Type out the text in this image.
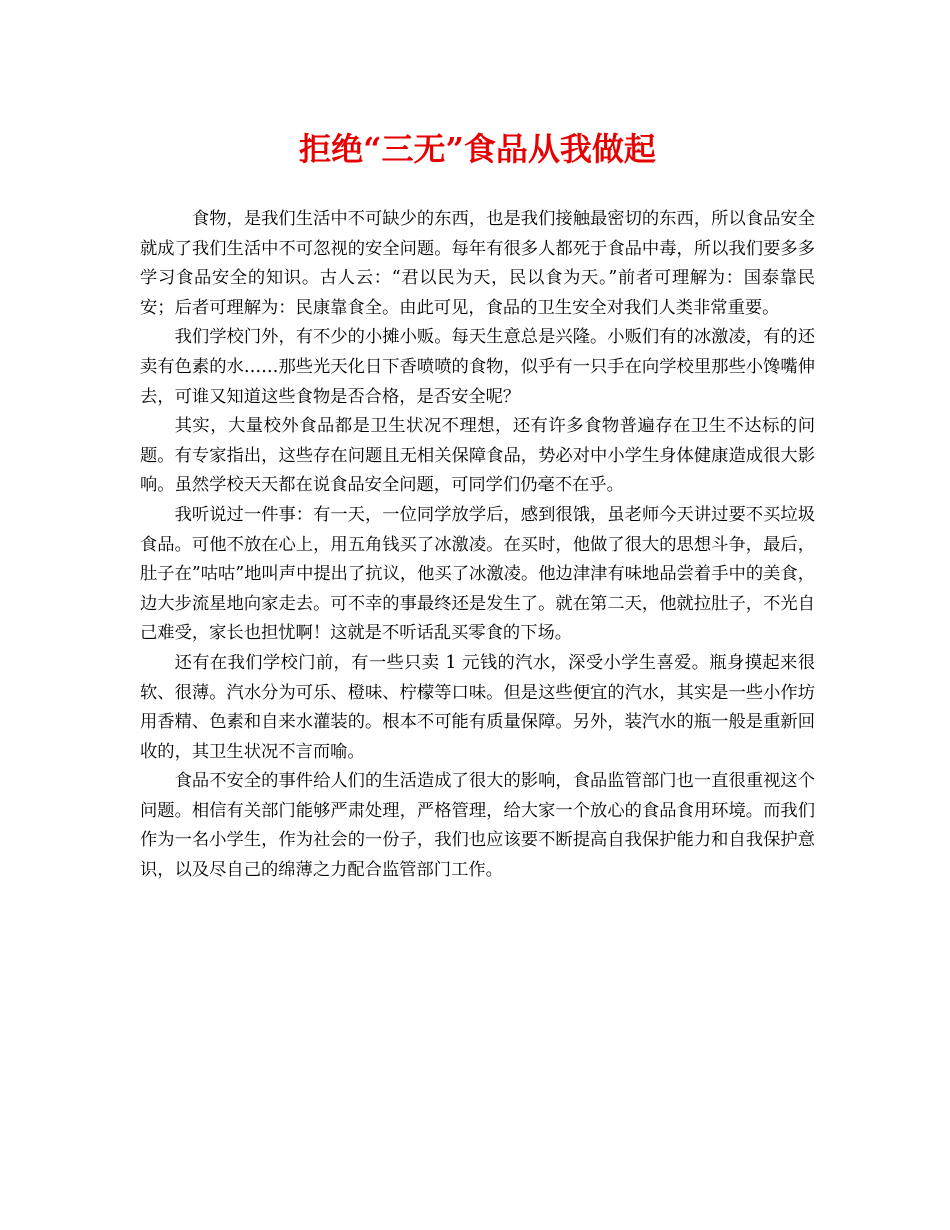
拒绝“三无”食品从我做起

食物，是我们生活中不可缺少的东西，也是我们接触最密切的东西，所以食品安全就成了我们生活中不可忽视的安全问题。每年有很多人都死于食品中毒，所以我们要多多学习食品安全的知识。古人云：“君以民为天，民以食为天。”前者可理解为：国泰靠民安；后者可理解为：民康靠食全。由此可见，食品的卫生安全对我们人类非常重要。

我们学校门外，有不少的小摊小贩。每天生意总是兴隆。小贩们有的冰激凌，有的还卖有色素的水……那些光天化日下香喷喷的食物，似乎有一只手在向学校里那些小馋嘴伸去，可谁又知道这些食物是否合格，是否安全呢？

其实，大量校外食品都是卫生状况不理想，还有许多食物普遍存在卫生不达标的问题。有专家指出，这些存在问题且无相关保障食品，势必对中小学生身体健康造成很大影响。虽然学校天天都在说食品安全问题，可同学们仍毫不在乎。

我听说过一件事：有一天，一位同学放学后，感到很饿，虽老师今天讲过要不买垃圾食品。可他不放在心上，用五角钱买了冰激凌。在买时，他做了很大的思想斗争，最后，肚子在”咕咕”地叫声中提出了抗议，他买了冰激凌。他边津津有味地品尝着手中的美食，边大步流星地向家走去。可不幸的事最终还是发生了。就在第二天，他就拉肚子，不光自己难受，家长也担忧啊！这就是不听话乱买零食的下场。

还有在我们学校门前，有一些只卖 1 元钱的汽水，深受小学生喜爱。瓶身摸起来很软、很薄。汽水分为可乐、橙味、柠檬等口味。但是这些便宜的汽水，其实是一些小作坊用香精、色素和自来水灌装的。根本不可能有质量保障。另外，装汽水的瓶一般是重新回收的，其卫生状况不言而喻。

食品不安全的事件给人们的生活造成了很大的影响，食品监管部门也一直很重视这个问题。相信有关部门能够严肃处理，严格管理，给大家一个放心的食品食用环境。而我们作为一名小学生，作为社会的一份子，我们也应该要不断提高自我保护能力和自我保护意识，以及尽自己的绵薄之力配合监管部门工作。
